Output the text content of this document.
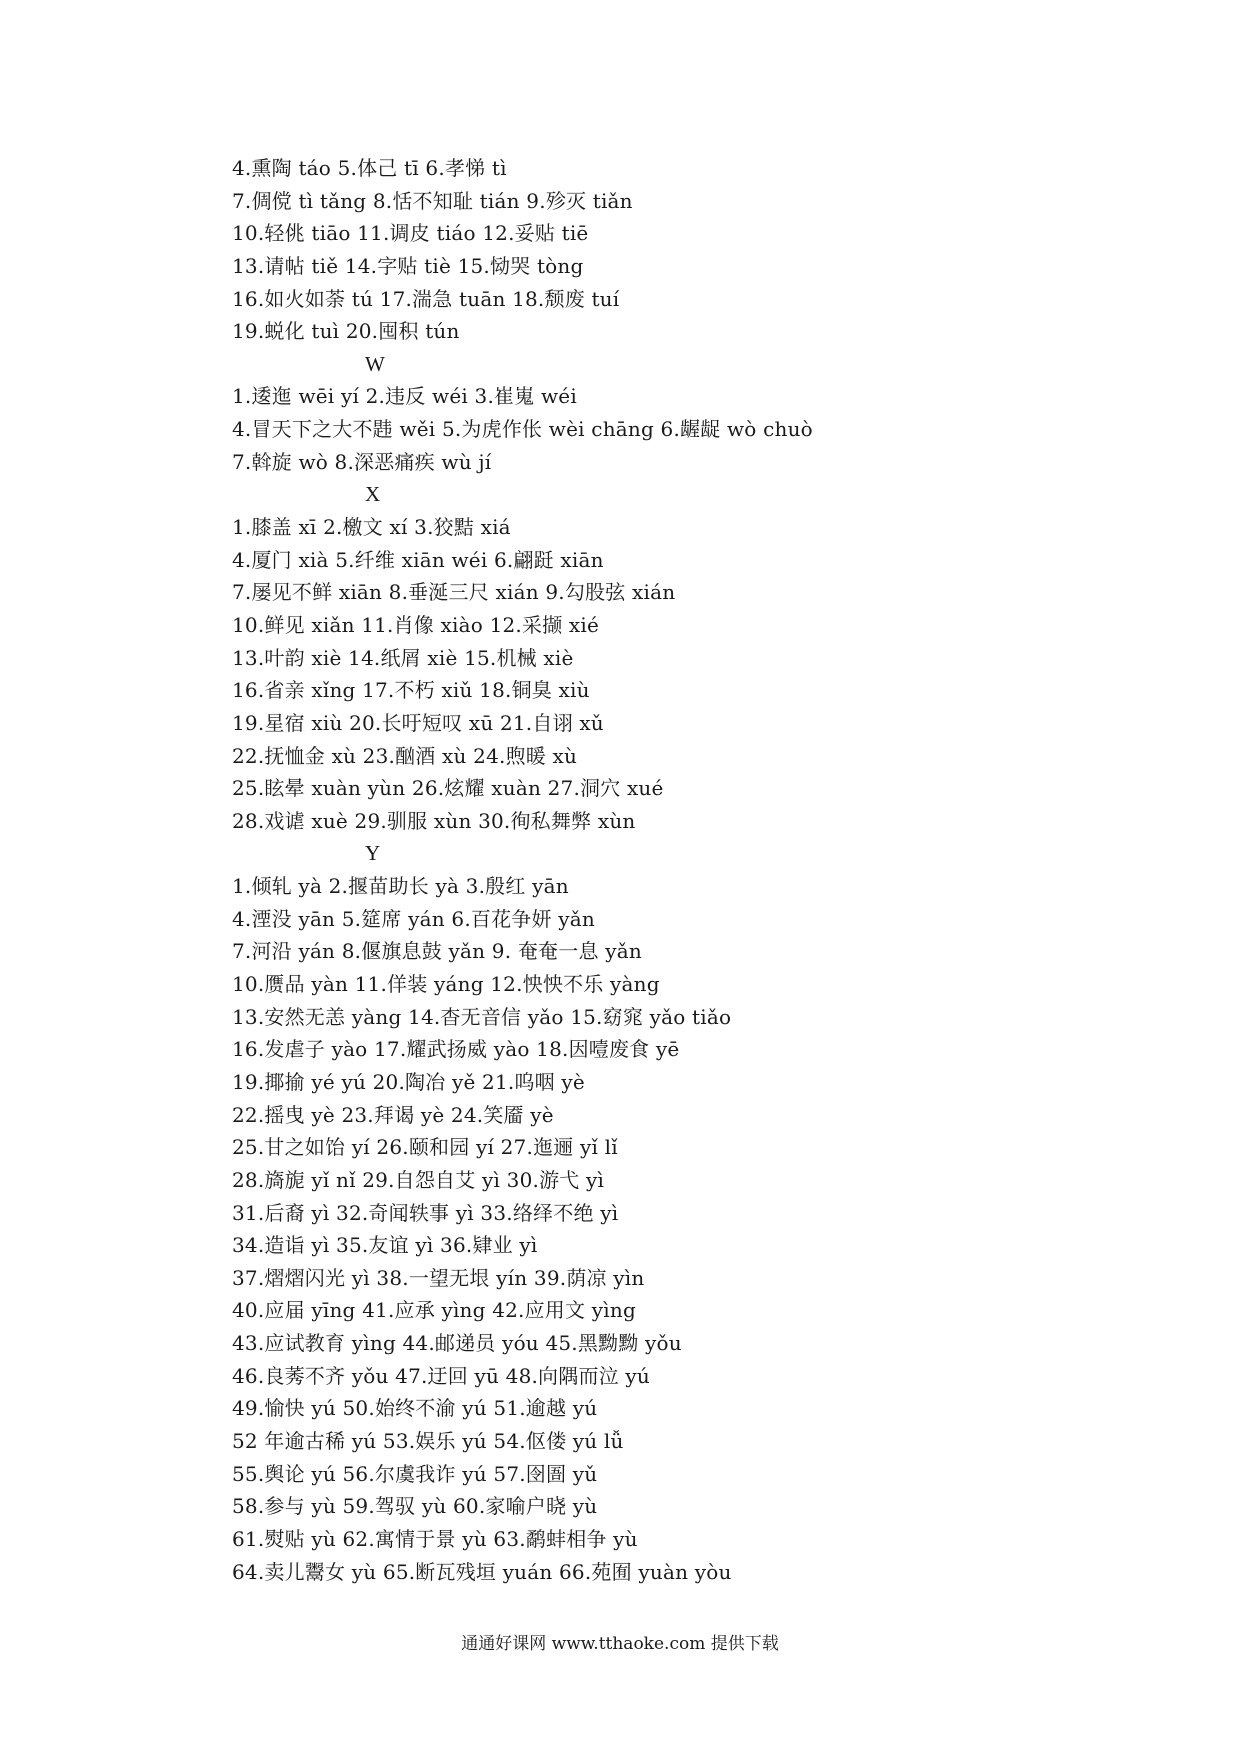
4.熏陶 táo 5.体己 tī 6.孝悌 tì
7.倜傥 tì tǎng 8.恬不知耻 tián 9.殄灭 tiǎn
10.轻佻 tiāo 11.调皮 tiáo 12.妥贴 tiē
13.请帖 tiě 14.字贴 tiè 15.恸哭 tòng
16.如火如荼 tú 17.湍急 tuān 18.颓废 tuí
19.蜕化 tuì 20.囤积 tún
W
1.逶迤 wēi yí 2.违反 wéi 3.崔嵬 wéi
4.冒天下之大不韪 wěi 5.为虎作伥 wèi chāng 6.龌龊 wò chuò
7.斡旋 wò 8.深恶痛疾 wù jí
X
1.膝盖 xī 2.檄文 xí 3.狡黠 xiá
4.厦门 xià 5.纤维 xiān wéi 6.翩跹 xiān
7.屡见不鲜 xiān 8.垂涎三尺 xián 9.勾股弦 xián
10.鲜见 xiǎn 11.肖像 xiào 12.采撷 xié
13.叶韵 xiè 14.纸屑 xiè 15.机械 xiè
16.省亲 xǐng 17.不朽 xiǔ 18.铜臭 xiù
19.星宿 xiù 20.长吁短叹 xū 21.自诩 xǔ
22.抚恤金 xù 23.酗酒 xù 24.煦暖 xù
25.眩晕 xuàn yùn 26.炫耀 xuàn 27.洞穴 xué
28.戏谑 xuè 29.驯服 xùn 30.徇私舞弊 xùn
Y
1.倾轧 yà 2.揠苗助长 yà 3.殷红 yān
4.湮没 yān 5.筵席 yán 6.百花争妍 yǎn
7.河沿 yán 8.偃旗息鼓 yǎn 9. 奄奄一息 yǎn
10.赝品 yàn 11.佯装 yáng 12.怏怏不乐 yàng
13.安然无恙 yàng 14.杳无音信 yǎo 15.窈窕 yǎo tiǎo
16.发虐子 yào 17.耀武扬威 yào 18.因噎废食 yē
19.揶揄 yé yú 20.陶冶 yě 21.呜咽 yè
22.摇曳 yè 23.拜谒 yè 24.笑靥 yè
25.甘之如饴 yí 26.颐和园 yí 27.迤逦 yǐ lǐ
28.旖旎 yǐ nǐ 29.自怨自艾 yì 30.游弋 yì
31.后裔 yì 32.奇闻轶事 yì 33.络绎不绝 yì
34.造诣 yì 35.友谊 yì 36.肄业 yì
37.熠熠闪光 yì 38.一望无垠 yín 39.荫凉 yìn
40.应届 yīng 41.应承 yìng 42.应用文 yìng
43.应试教育 yìng 44.邮递员 yóu 45.黑黝黝 yǒu
46.良莠不齐 yǒu 47.迂回 yū 48.向隅而泣 yú
49.愉快 yú 50.始终不渝 yú 51.逾越 yú
52 年逾古稀 yú 53.娱乐 yú 54.伛偻 yú lǚ
55.舆论 yú 56.尔虞我诈 yú 57.囹圄 yǔ
58.参与 yù 59.驾驭 yù 60.家喻户晓 yù
61.熨贴 yù 62.寓情于景 yù 63.鹬蚌相争 yù
64.卖儿鬻女 yù 65.断瓦残垣 yuán 66.苑囿 yuàn yòu
通通好课网 www.tthaoke.com 提供下载
